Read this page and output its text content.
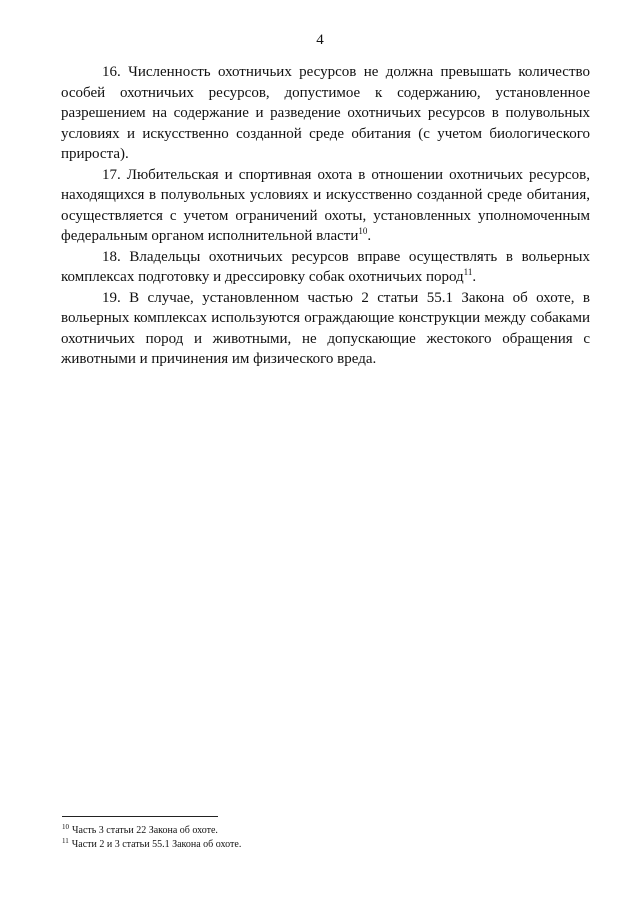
4

16. Численность охотничьих ресурсов не должна превышать количество особей охотничьих ресурсов, допустимое к содержанию, установленное разрешением на содержание и разведение охотничьих ресурсов в полувольных условиях и искусственно созданной среде обитания (с учетом биологического прироста).

17. Любительская и спортивная охота в отношении охотничьих ресурсов, находящихся в полувольных условиях и искусственно созданной среде обитания, осуществляется с учетом ограничений охоты, установленных уполномоченным федеральным органом исполнительной власти$^{10}$.

18. Владельцы охотничьих ресурсов вправе осуществлять в вольерных комплексах подготовку и дрессировку собак охотничьих пород$^{11}$.

19. В случае, установленном частью 2 статьи 55.1 Закона об охоте, в вольерных комплексах используются ограждающие конструкции между собаками охотничьих пород и животными, не допускающие жестокого обращения с животными и причинения им физического вреда.

$^{10}$ Часть 3 статьи 22 Закона об охоте.

$^{11}$ Части 2 и 3 статьи 55.1 Закона об охоте.
